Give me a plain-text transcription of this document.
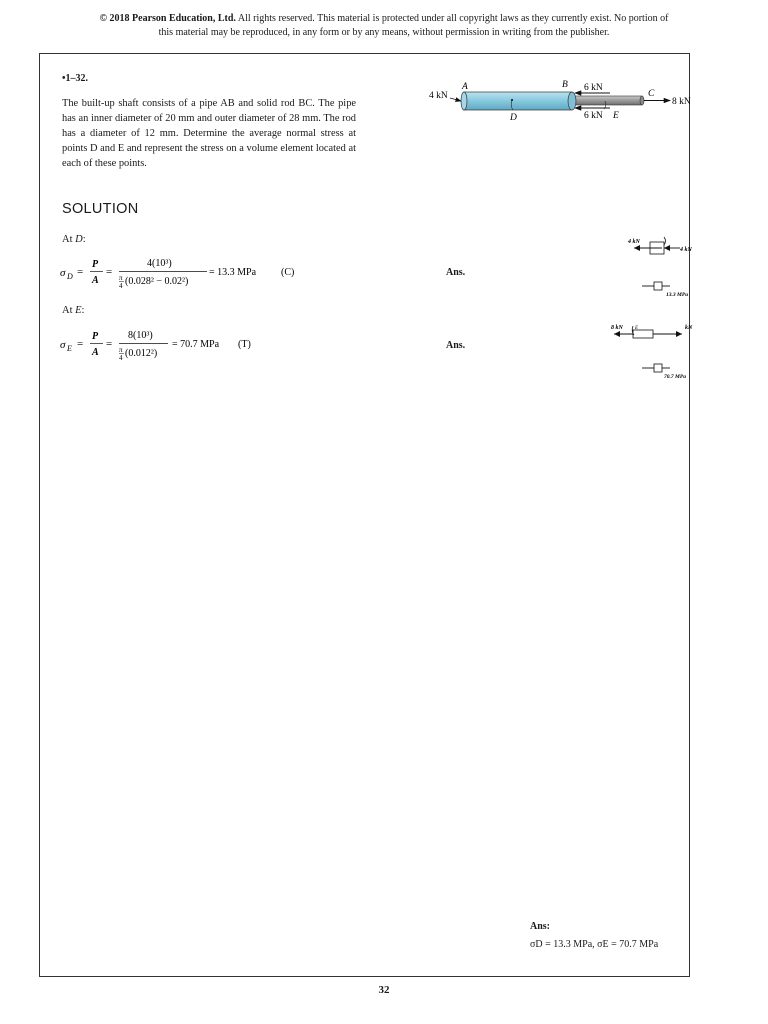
© 2018 Pearson Education, Ltd. All rights reserved. This material is protected under all copyright laws as they currently exist. No portion of
this material may be reproduced, in any form or by any means, without permission in writing from the publisher.
•1–32.
The built-up shaft consists of a pipe AB and solid rod BC. The pipe has an inner diameter of 20 mm and outer diameter of 28 mm. The rod has a diameter of 12 mm. Determine the average normal stress at points D and E and represent the stress on a volume element located at each of these points.
4 kN
A	B 6 kN
C
8 kN
D	6 kN E
SOLUTION
At D:
σ D =
P
A
=
4(10³)
π
4 (0.028² − 0.02²)
= 13.3 MPa (C)	Ans.
At E:
σ E =
P
A
=
8(10³)
π
4 (0.012²)
= 70.7 MPa (T)	Ans.
4 kN
4 kN
13.3 MPa
8 kN E	kN
70.7 MPa
Ans:
σD = 13.3 MPa, σE = 70.7 MPa
32
